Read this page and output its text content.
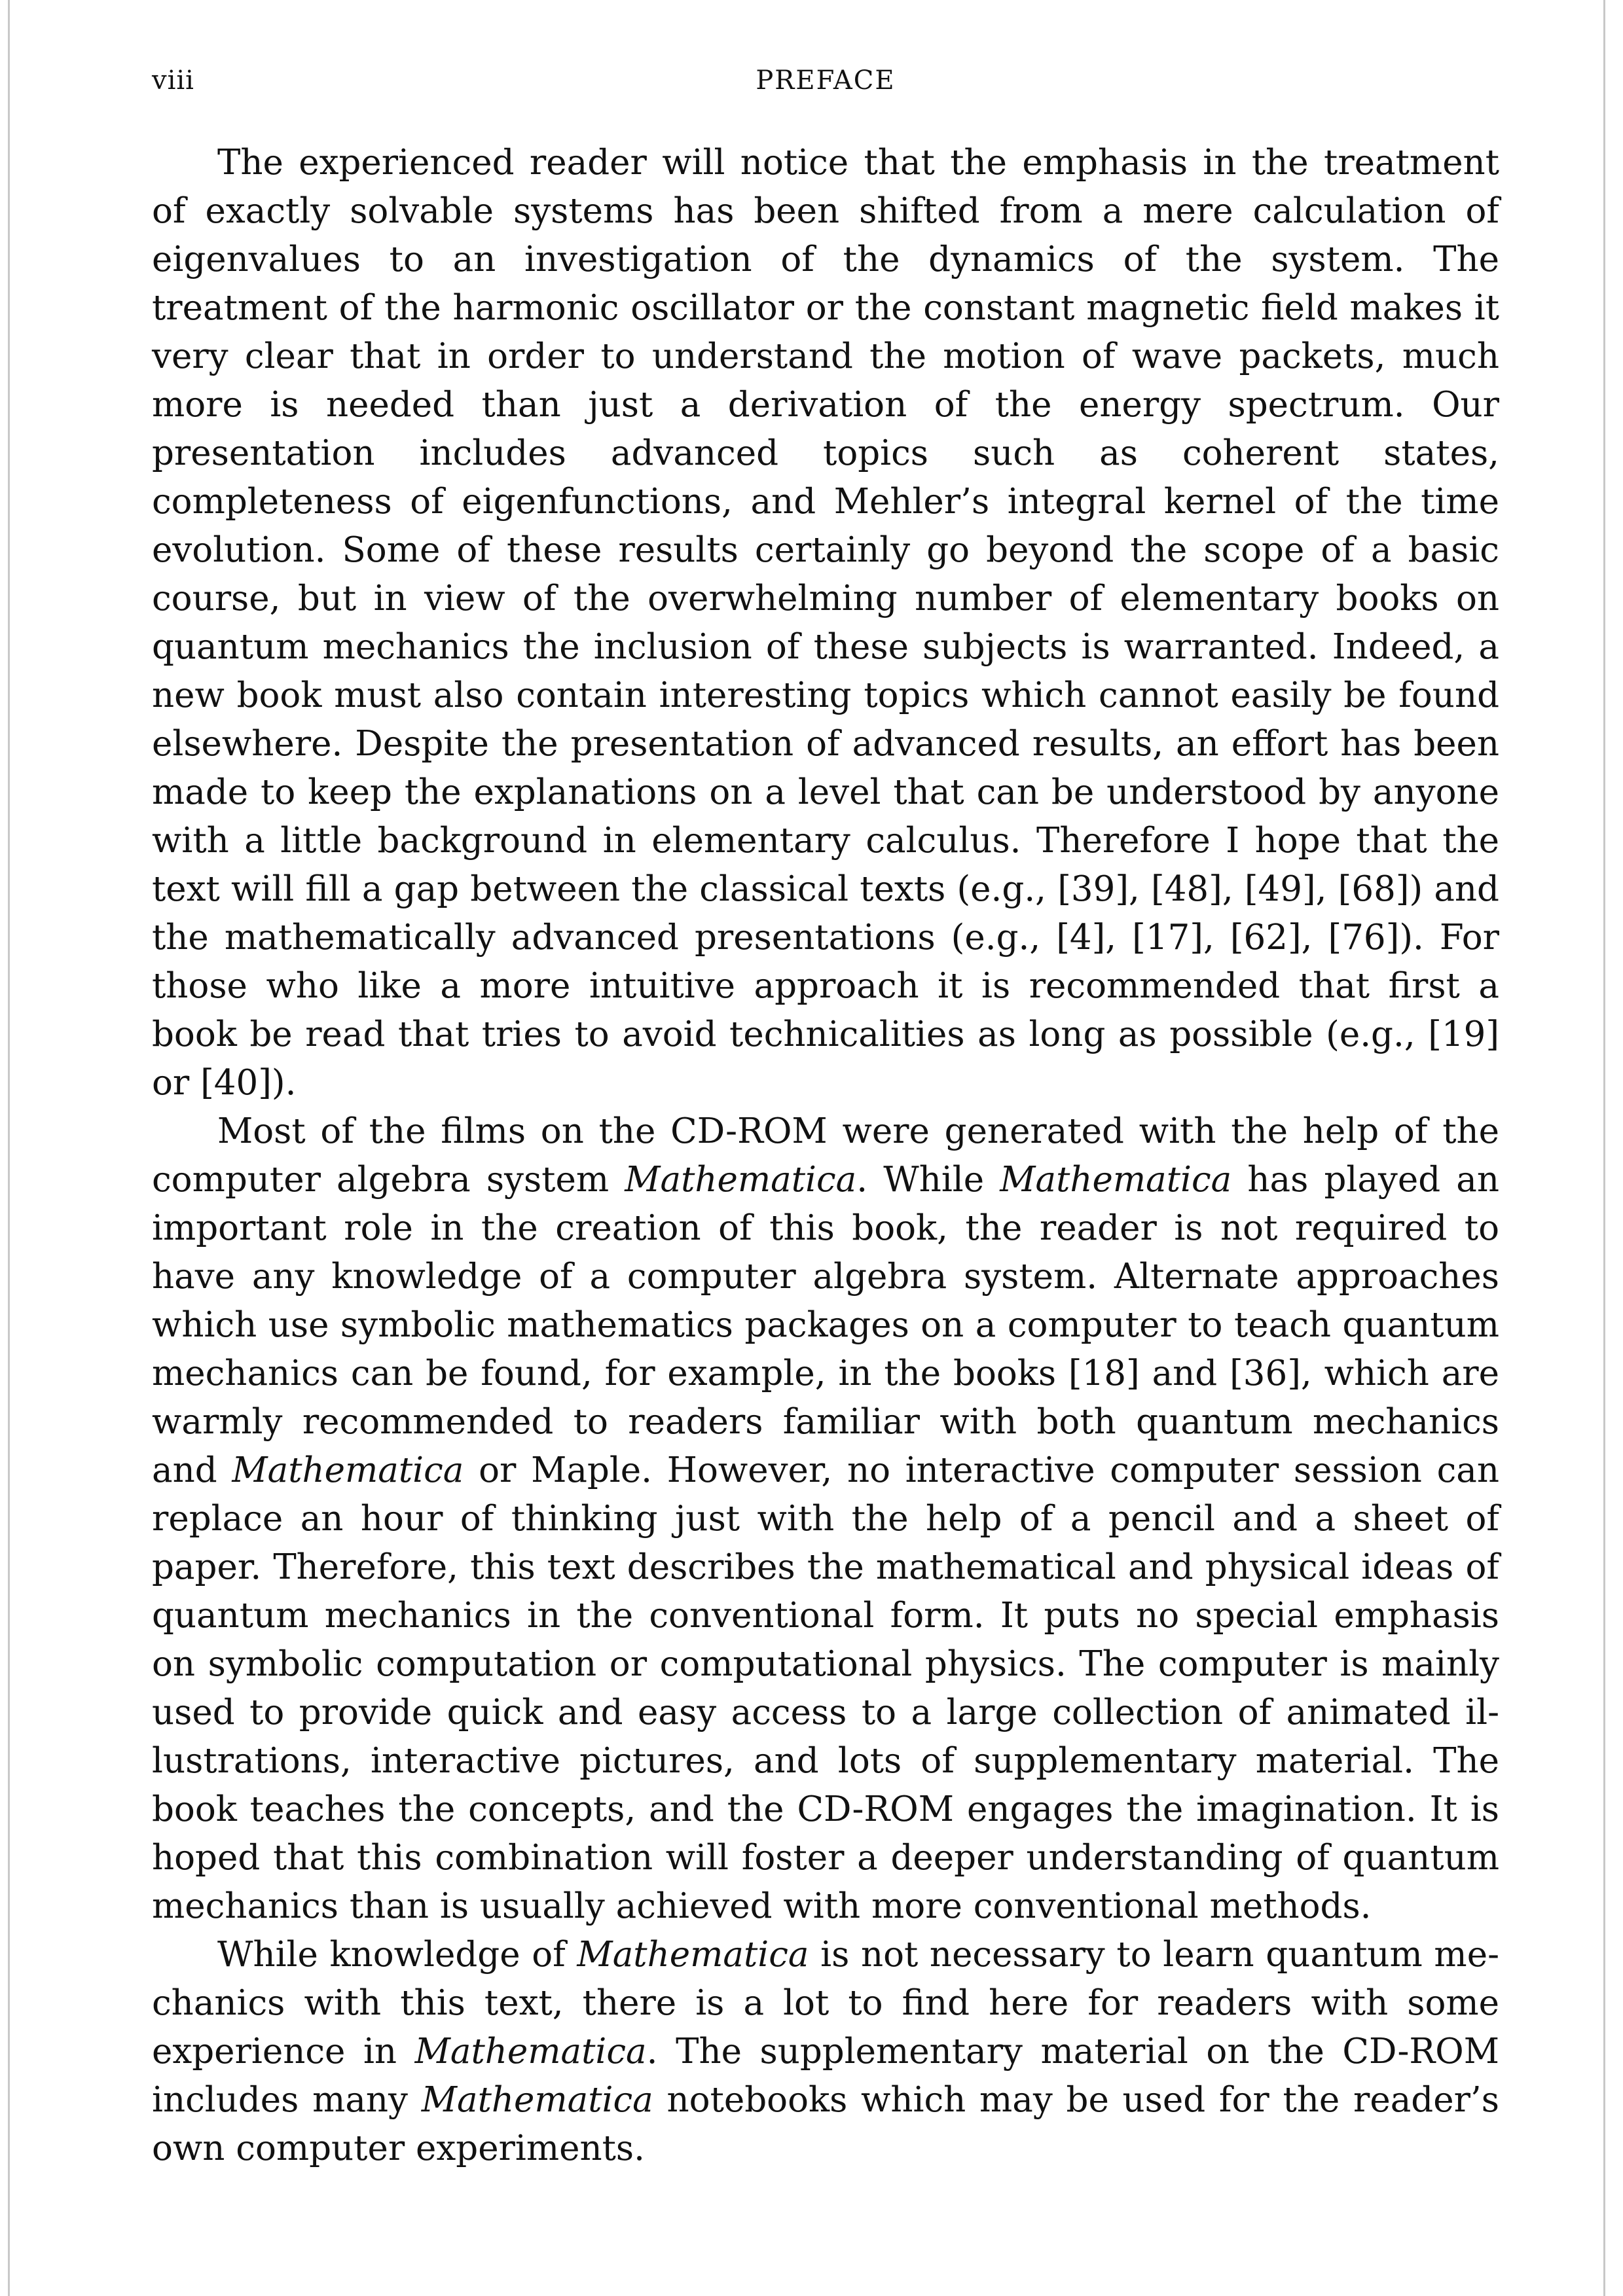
viii	PREFACE

The experienced reader will notice that the emphasis in the treatment of exactly solvable systems has been shifted from a mere calculation of eigenvalues to an investigation of the dynamics of the system. The treatment of the harmonic oscillator or the constant magnetic field makes it very clear that in order to understand the motion of wave packets, much more is needed than just a derivation of the energy spectrum. Our presentation includes advanced topics such as coherent states, completeness of eigenfunctions, and Mehler’s integral kernel of the time evolution. Some of these results certainly go beyond the scope of a basic course, but in view of the overwhelming number of elementary books on quantum mechanics the inclusion of these subjects is warranted. Indeed, a new book must also contain interesting topics which cannot easily be found elsewhere. Despite the presentation of advanced results, an effort has been made to keep the explanations on a level that can be understood by anyone with a little background in elementary calculus. Therefore I hope that the text will fill a gap between the classical texts (e.g., [39], [48], [49], [68]) and the mathematically advanced presentations (e.g., [4], [17], [62], [76]). For those who like a more intuitive approach it is recommended that first a book be read that tries to avoid technicalities as long as possible (e.g., [19] or [40]).

Most of the films on the CD-ROM were generated with the help of the computer algebra system Mathematica. While Mathematica has played an important role in the creation of this book, the reader is not required to have any knowledge of a computer algebra system. Alternate approaches which use symbolic mathematics packages on a computer to teach quantum mechanics can be found, for example, in the books [18] and [36], which are warmly recommended to readers familiar with both quantum mechanics and Mathematica or Maple. However, no interactive computer session can replace an hour of thinking just with the help of a pencil and a sheet of paper. Therefore, this text describes the mathematical and physical ideas of quantum mechanics in the conventional form. It puts no special emphasis on symbolic computation or computational physics. The computer is mainly used to provide quick and easy access to a large collection of animated illustrations, interactive pictures, and lots of supplementary material. The book teaches the concepts, and the CD-ROM engages the imagination. It is hoped that this combination will foster a deeper understanding of quantum mechanics than is usually achieved with more conventional methods.

While knowledge of Mathematica is not necessary to learn quantum mechanics with this text, there is a lot to find here for readers with some experience in Mathematica. The supplementary material on the CD-ROM includes many Mathematica notebooks which may be used for the reader’s own computer experiments.
